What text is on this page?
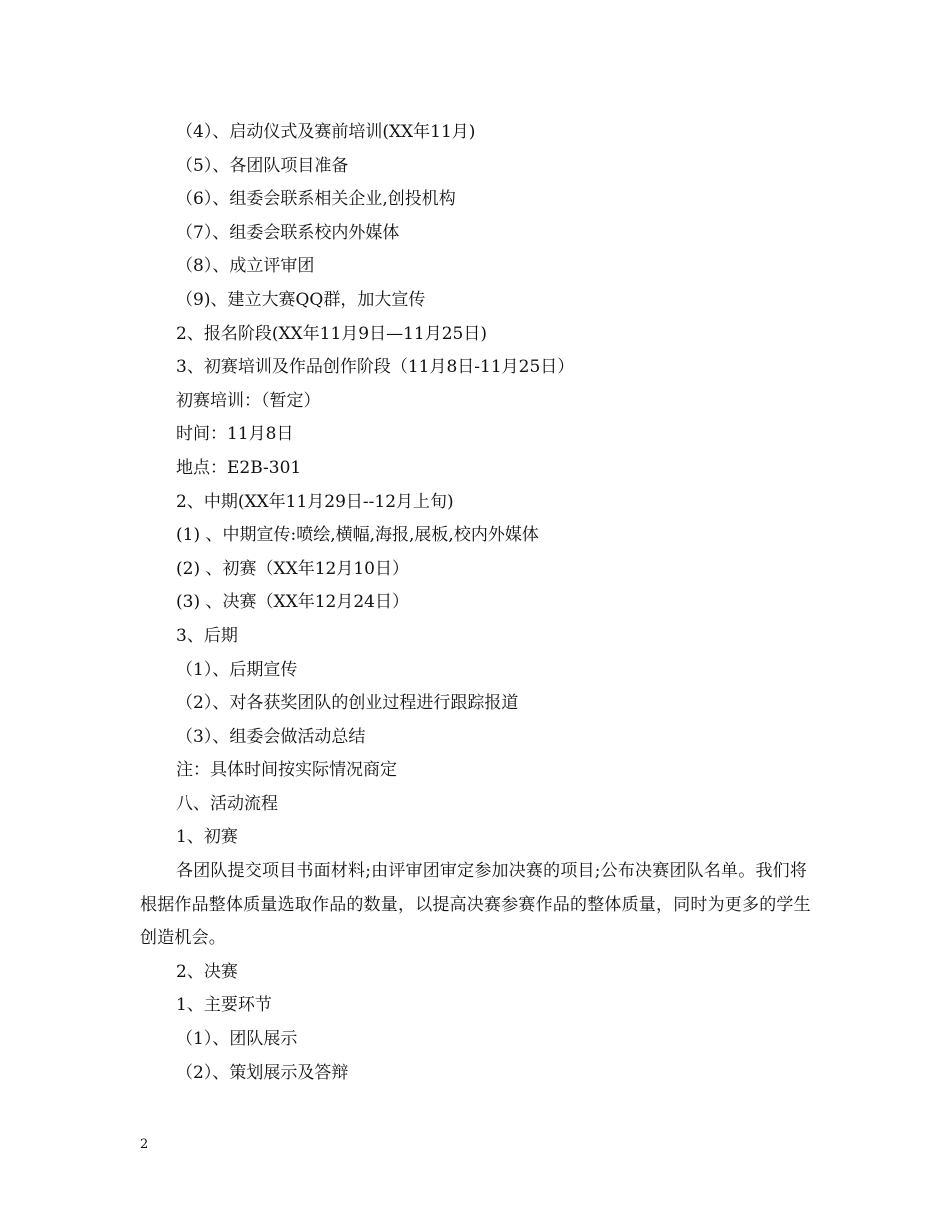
（4）、启动仪式及赛前培训(XX年11月)
（5）、各团队项目准备
（6）、组委会联系相关企业,创投机构
（7）、组委会联系校内外媒体
（8）、成立评审团
（9)、建立大赛QQ群，加大宣传
2、报名阶段(XX年11月9日—11月25日)
3、初赛培训及作品创作阶段（11月8日-11月25日）
初赛培训：（暂定）
时间：11月8日
地点：E2B-301
2、中期(XX年11月29日--12月上旬)
(1) 、中期宣传:喷绘,横幅,海报,展板,校内外媒体
(2) 、初赛（XX年12月10日）
(3) 、决赛（XX年12月24日）
3、后期
（1）、后期宣传
（2）、对各获奖团队的创业过程进行跟踪报道
（3）、组委会做活动总结
注：具体时间按实际情况商定
八、活动流程
1、初赛
各团队提交项目书面材料;由评审团审定参加决赛的项目;公布决赛团队名单。我们将根据作品整体质量选取作品的数量，以提高决赛参赛作品的整体质量，同时为更多的学生创造机会。
2、决赛
1、主要环节
（1）、团队展示
（2）、策划展示及答辩
2
